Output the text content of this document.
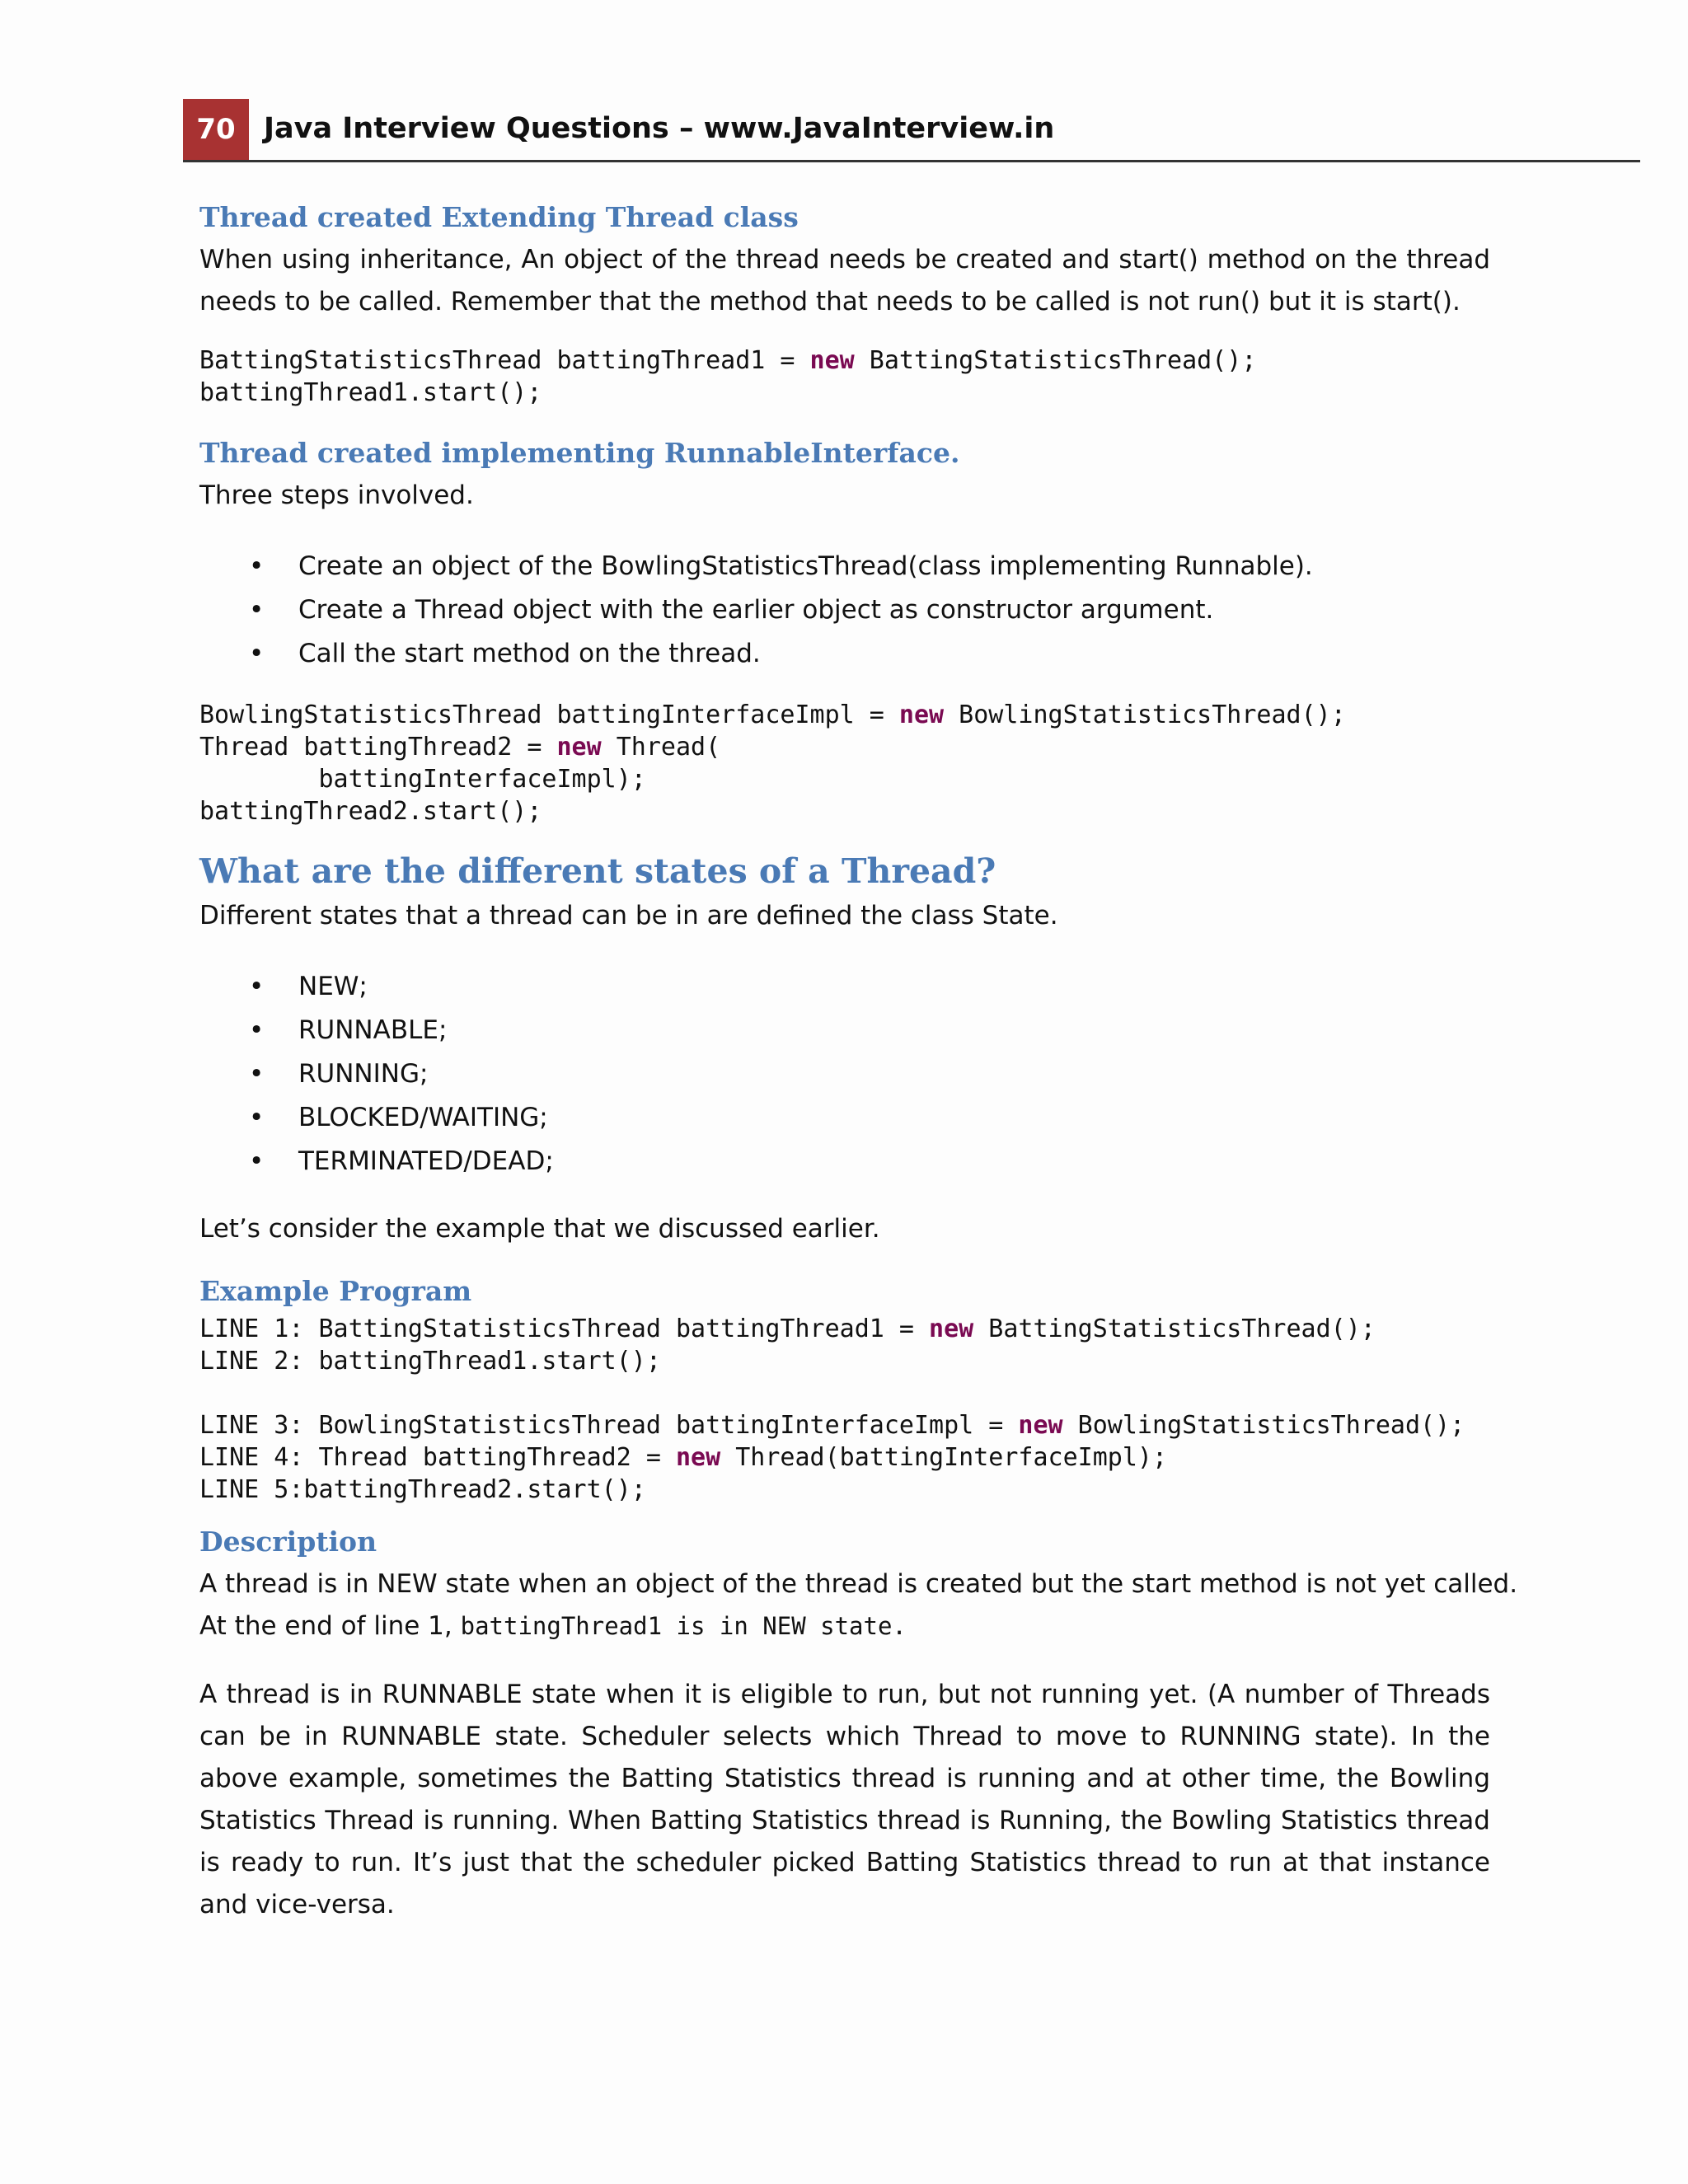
70 Java Interview Questions – www.JavaInterview.in
Thread created Extending Thread class

When using inheritance, An object of the thread needs be created and start() method on the thread needs to be called. Remember that the method that needs to be called is not run() but it is start().

BattingStatisticsThread battingThread1 = new BattingStatisticsThread();
battingThread1.start();
Thread created implementing RunnableInterface.

Three steps involved.

• Create an object of the BowlingStatisticsThread(class implementing Runnable).
• Create a Thread object with the earlier object as constructor argument.
• Call the start method on the thread.
BowlingStatisticsThread battingInterfaceImpl = new BowlingStatisticsThread();
Thread battingThread2 = new Thread(
battingInterfaceImpl);
battingThread2.start();
What are the different states of a Thread?

Different states that a thread can be in are defined the class State.

• NEW;
• RUNNABLE;
• RUNNING;
• BLOCKED/WAITING;
• TERMINATED/DEAD;

Let’s consider the example that we discussed earlier.

Example Program
LINE 1: BattingStatisticsThread battingThread1 = new BattingStatisticsThread();
LINE 2: battingThread1.start();
LINE 3: BowlingStatisticsThread battingInterfaceImpl = new BowlingStatisticsThread();
LINE 4: Thread battingThread2 = new Thread(battingInterfaceImpl);
LINE 5:battingThread2.start();
Description

A thread is in NEW state when an object of the thread is created but the start method is not yet called.

At the end of line 1, battingThread1 is in NEW state.

A thread is in RUNNABLE state when it is eligible to run, but not running yet. (A number of Threads can be in RUNNABLE state. Scheduler selects which Thread to move to RUNNING state). In the above example, sometimes the Batting Statistics thread is running and at other time, the Bowling Statistics Thread is running. When Batting Statistics thread is Running, the Bowling Statistics thread is ready to run. It’s just that the scheduler picked Batting Statistics thread to run at that instance and vice-versa.
